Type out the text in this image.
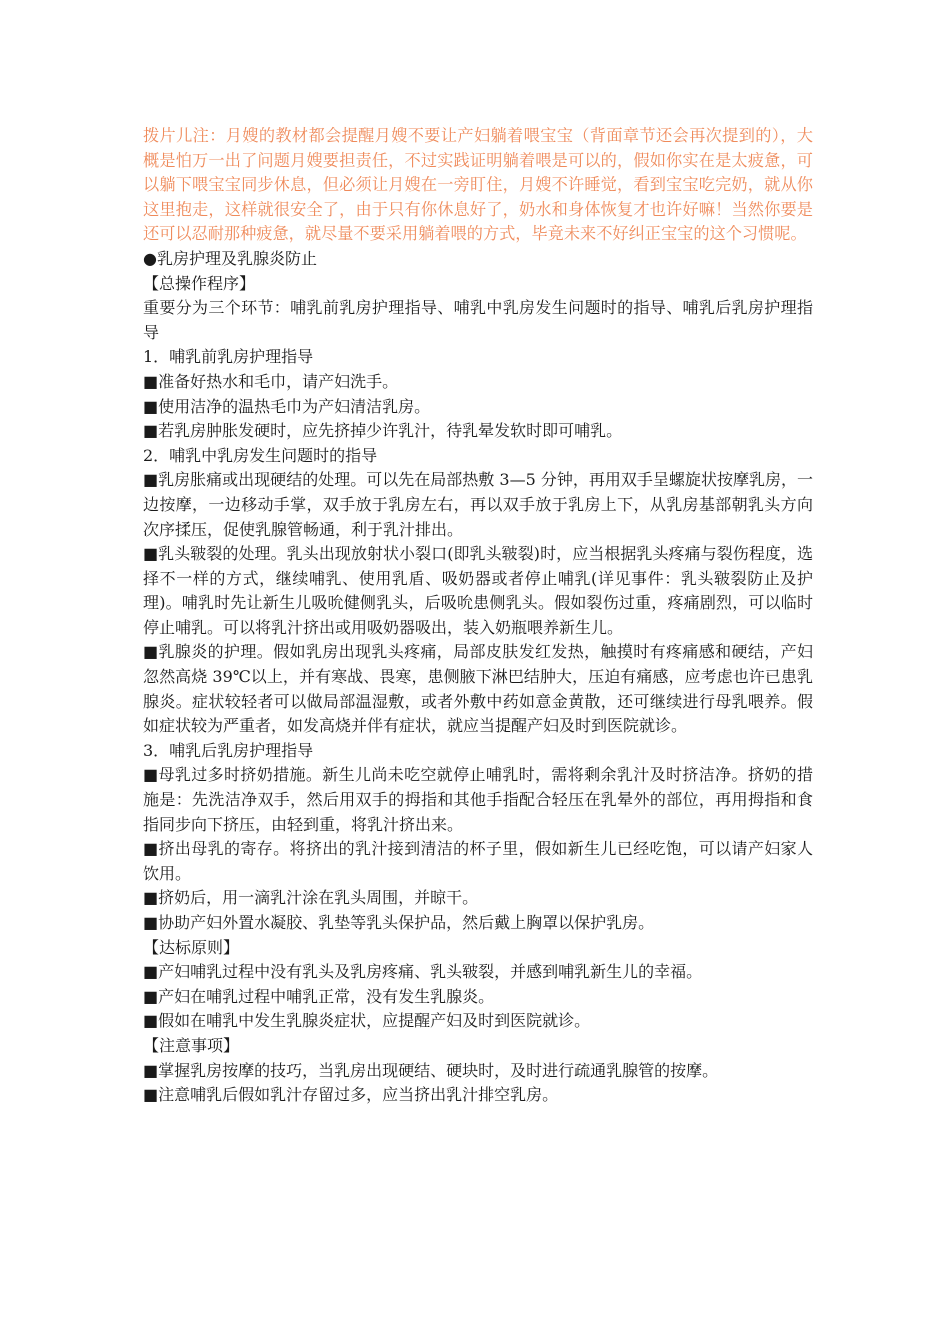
拨片儿注：月嫂的教材都会提醒月嫂不要让产妇躺着喂宝宝（背面章节还会再次提到的），大概是怕万一出了问题月嫂要担责任，不过实践证明躺着喂是可以的，假如你实在是太疲惫，可以躺下喂宝宝同步休息，但必须让月嫂在一旁盯住，月嫂不许睡觉，看到宝宝吃完奶，就从你这里抱走，这样就很安全了，由于只有你休息好了，奶水和身体恢复才也许好嘛！当然你要是还可以忍耐那种疲惫，就尽量不要采用躺着喂的方式，毕竟未来不好纠正宝宝的这个习惯呢。

●乳房护理及乳腺炎防止

【总操作程序】

重要分为三个环节：哺乳前乳房护理指导、哺乳中乳房发生问题时的指导、哺乳后乳房护理指导

1．哺乳前乳房护理指导

■准备好热水和毛巾，请产妇洗手。

■使用洁净的温热毛巾为产妇清洁乳房。

■若乳房肿胀发硬时，应先挤掉少许乳汁，待乳晕发软时即可哺乳。

2．哺乳中乳房发生问题时的指导

■乳房胀痛或出现硬结的处理。可以先在局部热敷 3—5 分钟，再用双手呈螺旋状按摩乳房，一边按摩，一边移动手掌，双手放于乳房左右，再以双手放于乳房上下，从乳房基部朝乳头方向次序揉压，促使乳腺管畅通，利于乳汁排出。

■乳头皲裂的处理。乳头出现放射状小裂口(即乳头皲裂)时，应当根据乳头疼痛与裂伤程度，选择不一样的方式，继续哺乳、使用乳盾、吸奶器或者停止哺乳(详见事件：乳头皲裂防止及护理)。哺乳时先让新生儿吸吮健侧乳头，后吸吮患侧乳头。假如裂伤过重，疼痛剧烈，可以临时停止哺乳。可以将乳汁挤出或用吸奶器吸出，装入奶瓶喂养新生儿。

■乳腺炎的护理。假如乳房出现乳头疼痛，局部皮肤发红发热，触摸时有疼痛感和硬结，产妇忽然高烧 39℃以上，并有寒战、畏寒，患侧腋下淋巴结肿大，压迫有痛感，应考虑也许已患乳腺炎。症状较轻者可以做局部温湿敷，或者外敷中药如意金黄散，还可继续进行母乳喂养。假如症状较为严重者，如发高烧并伴有症状，就应当提醒产妇及时到医院就诊。

3．哺乳后乳房护理指导

■母乳过多时挤奶措施。新生儿尚未吃空就停止哺乳时，需将剩余乳汁及时挤洁净。挤奶的措施是：先洗洁净双手，然后用双手的拇指和其他手指配合轻压在乳晕外的部位，再用拇指和食指同步向下挤压，由轻到重，将乳汁挤出来。

■挤出母乳的寄存。将挤出的乳汁接到清洁的杯子里，假如新生儿已经吃饱，可以请产妇家人饮用。

■挤奶后，用一滴乳汁涂在乳头周围，并晾干。

■协助产妇外置水凝胶、乳垫等乳头保护品，然后戴上胸罩以保护乳房。

【达标原则】

■产妇哺乳过程中没有乳头及乳房疼痛、乳头皲裂，并感到哺乳新生儿的幸福。

■产妇在哺乳过程中哺乳正常，没有发生乳腺炎。

■假如在哺乳中发生乳腺炎症状，应提醒产妇及时到医院就诊。

【注意事项】

■掌握乳房按摩的技巧，当乳房出现硬结、硬块时，及时进行疏通乳腺管的按摩。

■注意哺乳后假如乳汁存留过多，应当挤出乳汁排空乳房。
